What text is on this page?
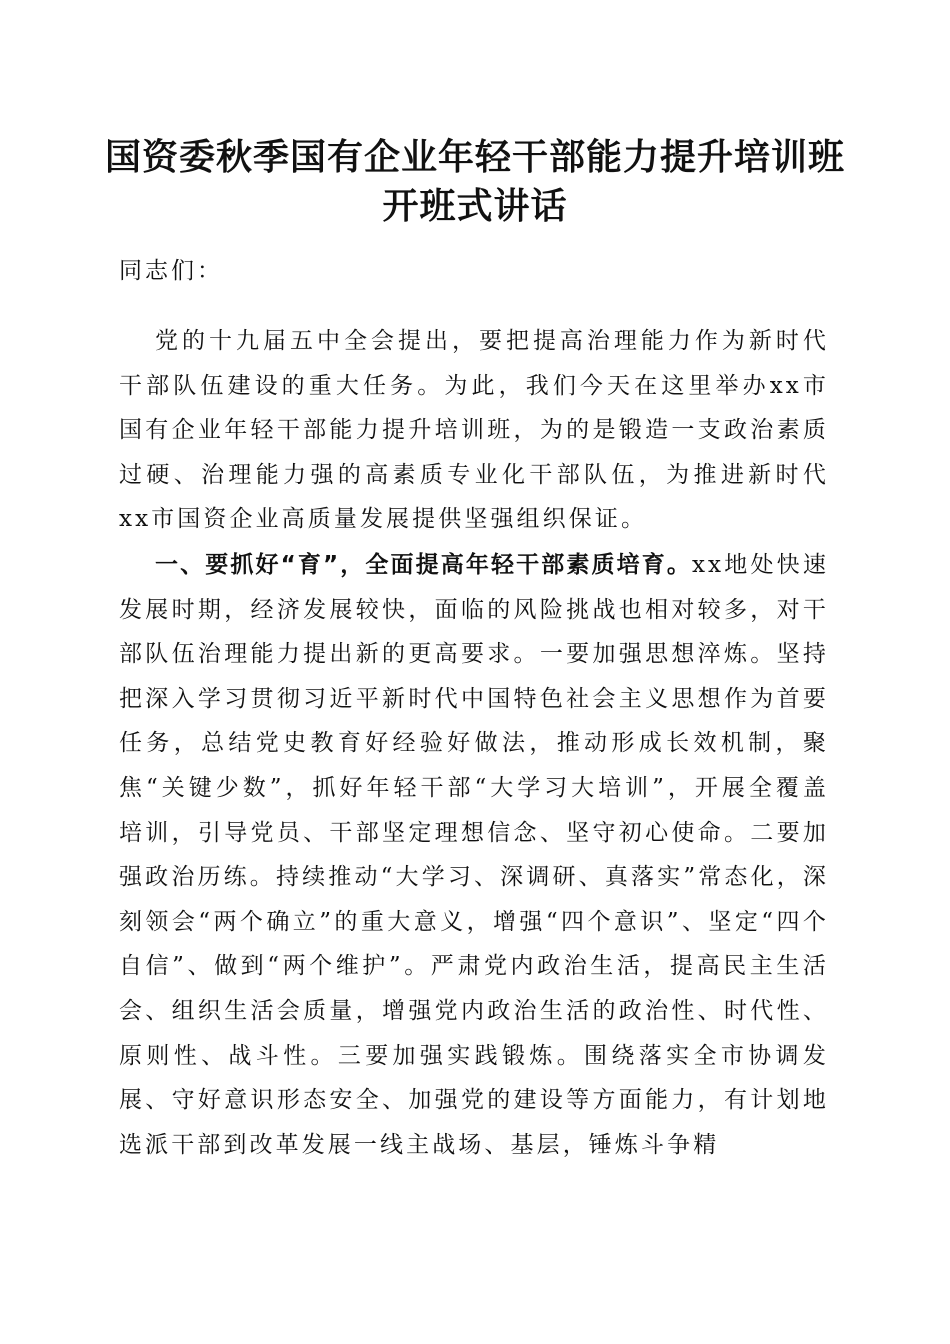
国资委秋季国有企业年轻干部能力提升培训班
开班式讲话
同志们：

党的十九届五中全会提出，要把提高治理能力作为新时代干部队伍建设的重大任务。为此，我们今天在这里举办xx市国有企业年轻干部能力提升培训班，为的是锻造一支政治素质过硬、治理能力强的高素质专业化干部队伍，为推进新时代xx市国资企业高质量发展提供坚强组织保证。

一、要抓好“育”，全面提高年轻干部素质培育。xx地处快速发展时期，经济发展较快，面临的风险挑战也相对较多，对干部队伍治理能力提出新的更高要求。一要加强思想淬炼。坚持把深入学习贯彻习近平新时代中国特色社会主义思想作为首要任务，总结党史教育好经验好做法，推动形成长效机制，聚焦“关键少数”，抓好年轻干部“大学习大培训”，开展全覆盖培训，引导党员、干部坚定理想信念、坚守初心使命。二要加强政治历练。持续推动“大学习、深调研、真落实”常态化，深刻领会“两个确立”的重大意义，增强“四个意识”、坚定“四个自信”、做到“两个维护”。严肃党内政治生活，提高民主生活会、组织生活会质量，增强党内政治生活的政治性、时代性、原则性、战斗性。三要加强实践锻炼。围绕落实全市协调发展、守好意识形态安全、加强党的建设等方面能力，有计划地选派干部到改革发展一线主战场、基层，锤炼斗争精
